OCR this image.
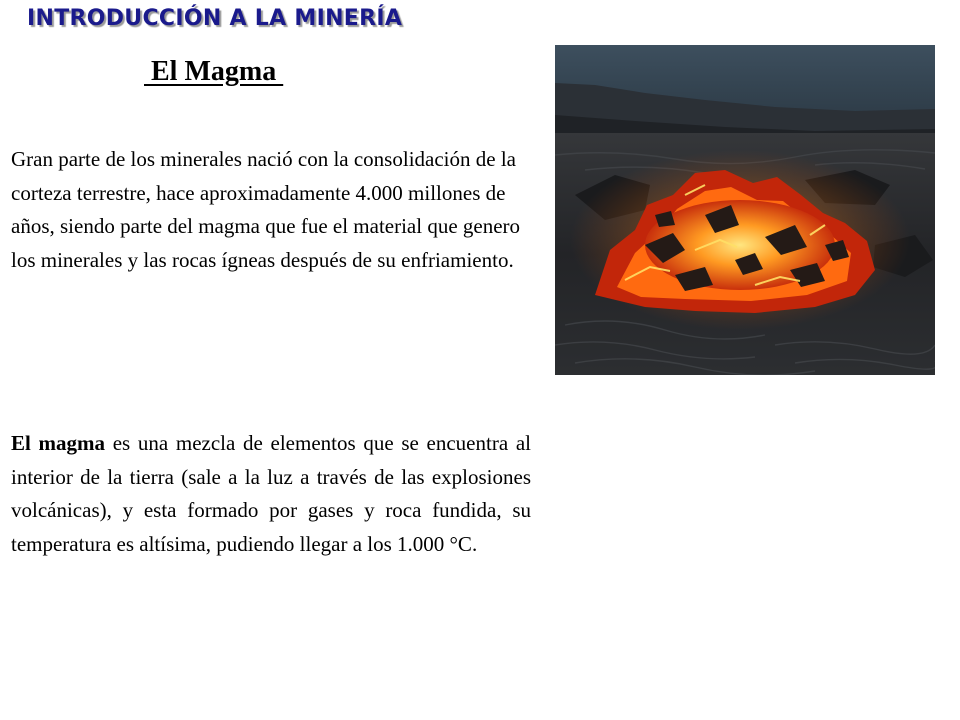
INTRODUCCIÓN A LA MINERÍA
El Magma

Gran parte de los minerales nació con la consolidación de la corteza terrestre, hace aproximadamente 4.000 millones de años, siendo parte del magma que fue el material que genero los minerales y las rocas ígneas después de su enfriamiento.

El magma es una mezcla de elementos que se encuentra al interior de la tierra (sale a la luz a través de las explosiones volcánicas), y esta formado por gases y roca fundida, su temperatura es altísima, pudiendo llegar a los 1.000 °C.
